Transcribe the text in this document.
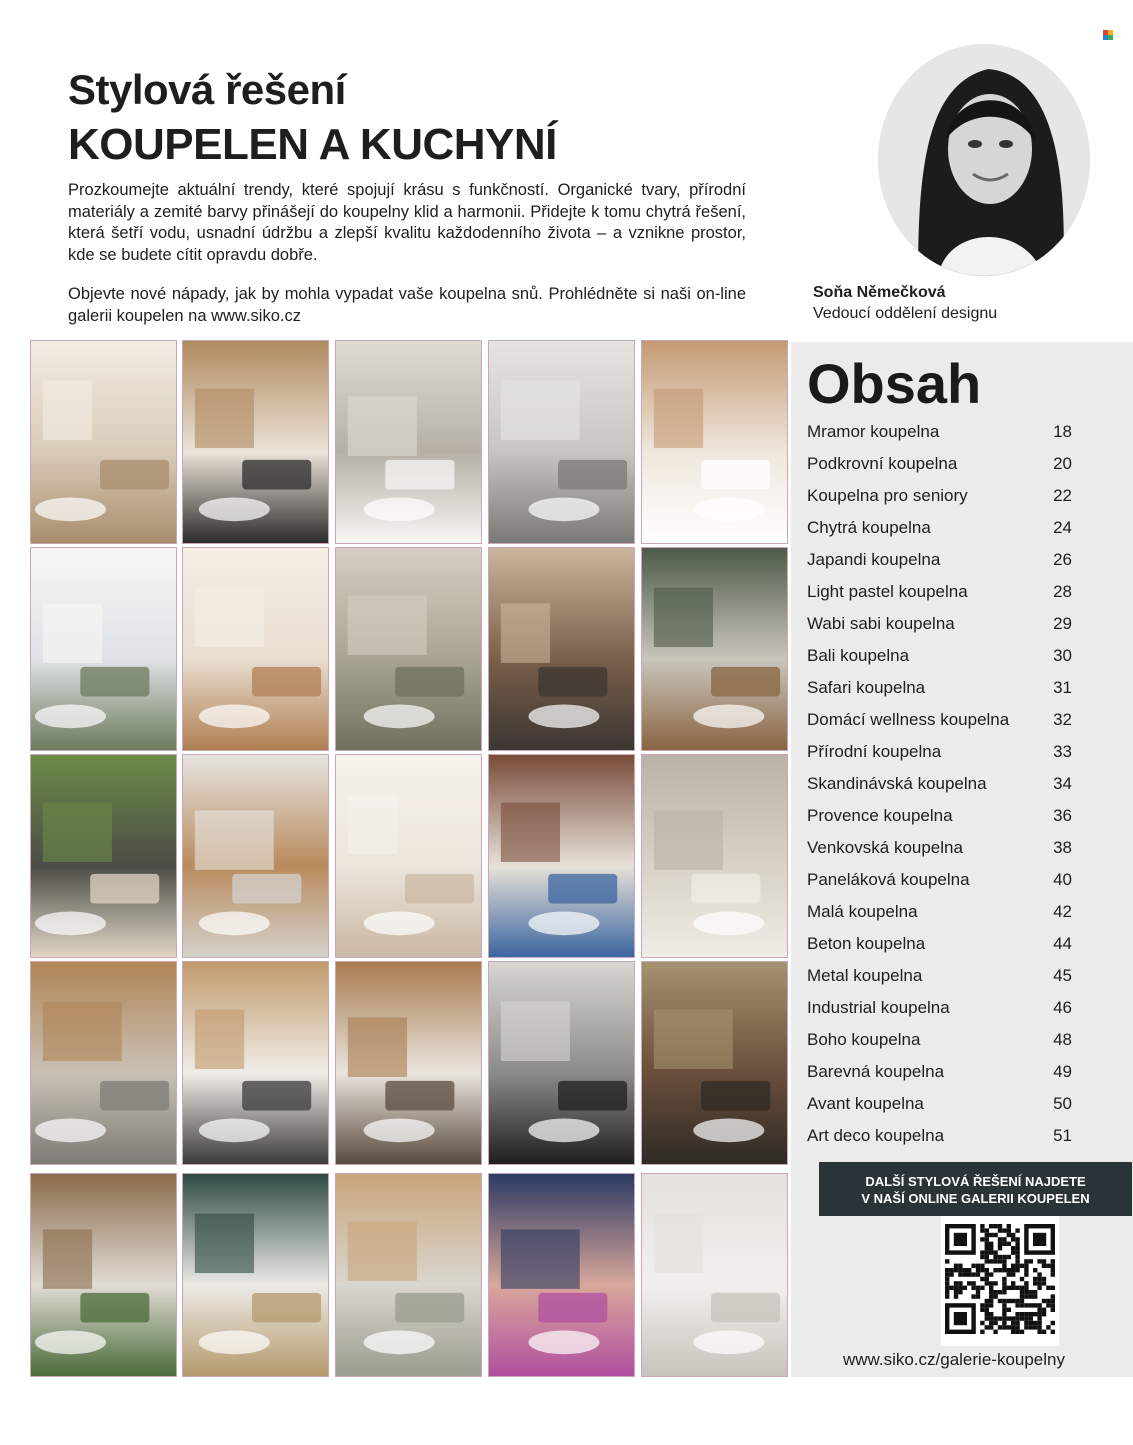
Stylová řešení
KOUPELEN A KUCHYNÍ

Prozkoumejte aktuální trendy, které spojují krásu s funkčností. Organické tvary, přírodní materiály a zemité barvy přinášejí do koupelny klid a harmonii. Přidejte k tomu chytrá řešení, která šetří vodu, usnadní údržbu a zlepší kvalitu každodenního života – a vznikne prostor, kde se budete cítit opravdu dobře.

Objevte nové nápady, jak by mohla vypadat vaše koupelna snů. Prohlédněte si naši on-line galerii koupelen na www.siko.cz

Soňa Němečková
Vedoucí oddělení designu
Obsah
Mramor koupelna	18
Podkrovní koupelna	20
Koupelna pro seniory	22
Chytrá koupelna	24
Japandi koupelna	26
Light pastel koupelna	28
Wabi sabi koupelna	29
Bali koupelna	30
Safari koupelna	31
Domácí wellness koupelna	32
Přírodní koupelna	33
Skandinávská koupelna	34
Provence koupelna	36
Venkovská koupelna	38
Paneláková koupelna	40
Malá koupelna	42
Beton koupelna	44
Metal koupelna	45
Industrial koupelna	46
Boho koupelna	48
Barevná koupelna	49
Avant koupelna	50
Art deco koupelna	51
DALŠÍ STYLOVÁ ŘEŠENÍ NAJDETE
V NAŠÍ ONLINE GALERII KOUPELEN
www.siko.cz/galerie-koupelny
